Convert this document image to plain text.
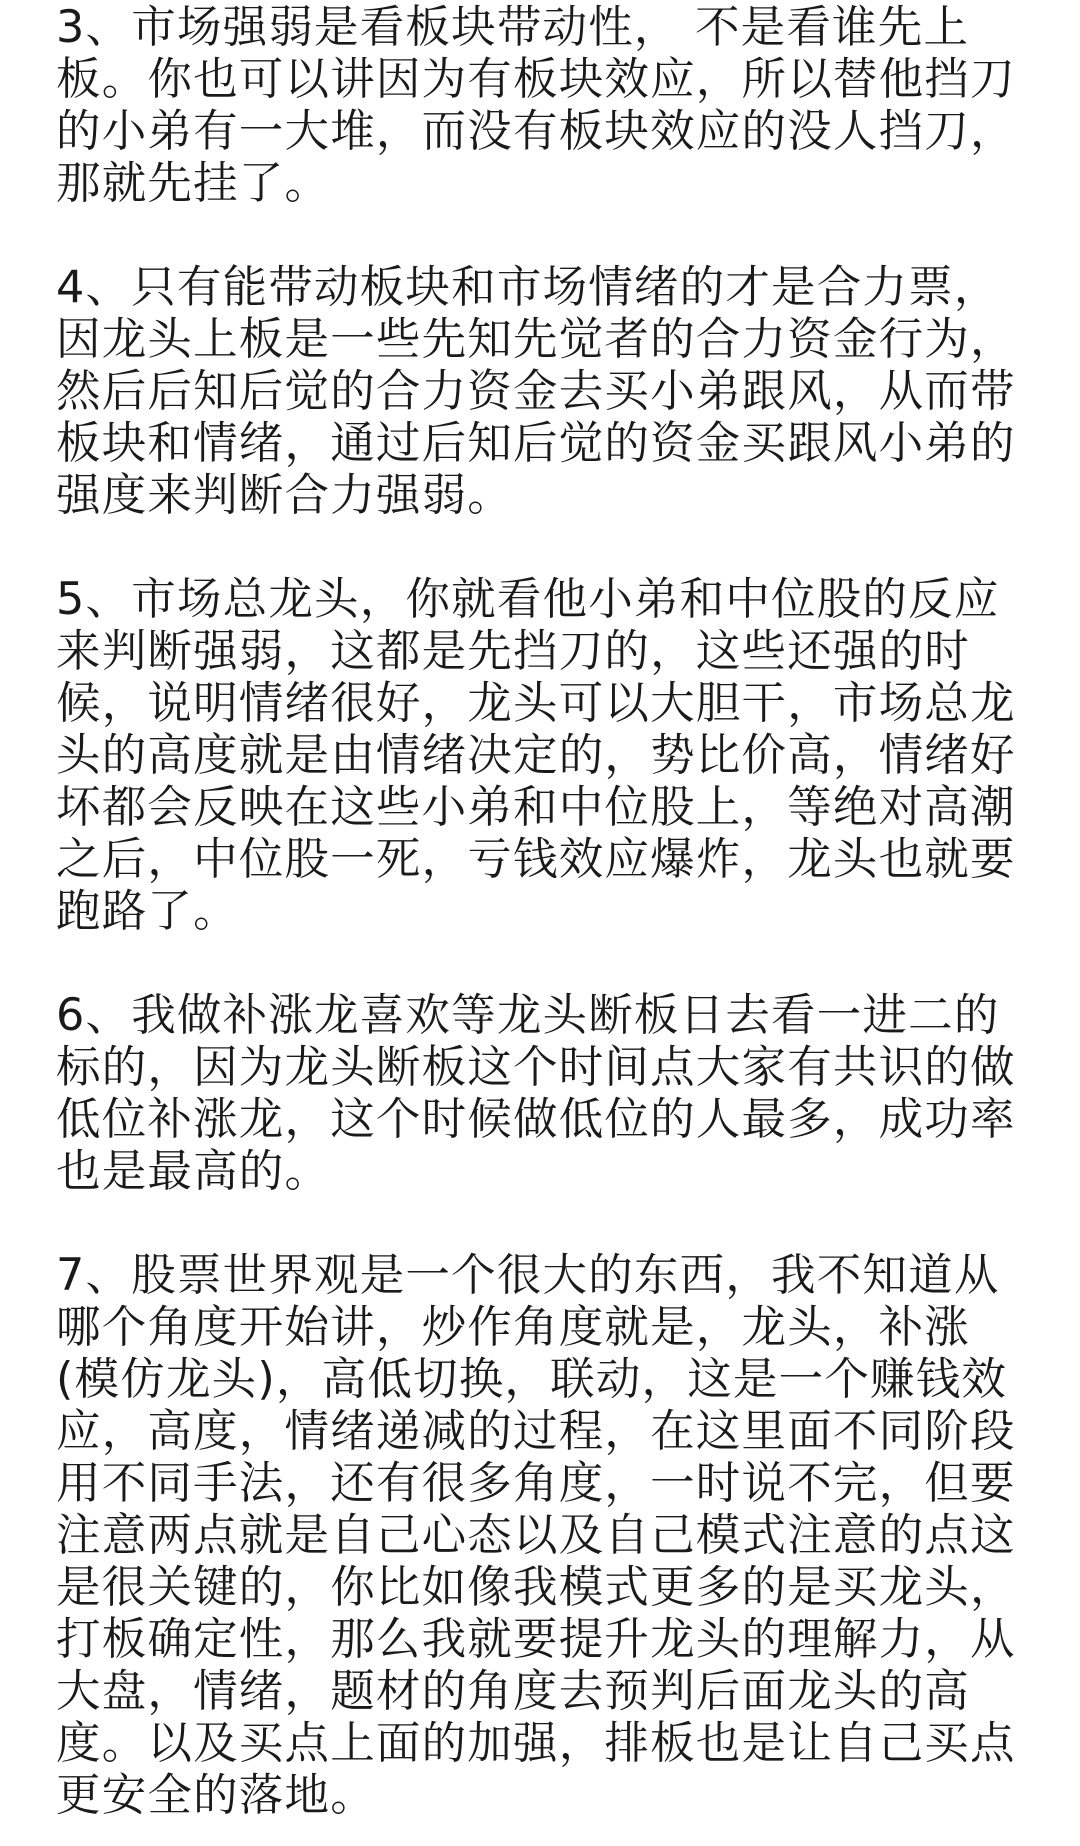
3、市场强弱是看板块带动性， 不是看谁先上板。你也可以讲因为有板块效应，所以替他挡刀的小弟有一大堆，而没有板块效应的没人挡刀，那就先挂了。

4、只有能带动板块和市场情绪的才是合力票，因龙头上板是一些先知先觉者的合力资金行为，然后后知后觉的合力资金去买小弟跟风，从而带板块和情绪，通过后知后觉的资金买跟风小弟的强度来判断合力强弱。

5、市场总龙头，你就看他小弟和中位股的反应来判断强弱，这都是先挡刀的，这些还强的时候，说明情绪很好，龙头可以大胆干，市场总龙头的高度就是由情绪决定的，势比价高，情绪好坏都会反映在这些小弟和中位股上，等绝对高潮之后，中位股一死，亏钱效应爆炸，龙头也就要跑路了。

6、我做补涨龙喜欢等龙头断板日去看一进二的标的，因为龙头断板这个时间点大家有共识的做低位补涨龙，这个时候做低位的人最多，成功率也是最高的。

7、股票世界观是一个很大的东西，我不知道从哪个角度开始讲，炒作角度就是，龙头，补涨(模仿龙头)，高低切换，联动，这是一个赚钱效应，高度，情绪递减的过程，在这里面不同阶段用不同手法，还有很多角度，一时说不完，但要注意两点就是自己心态以及自己模式注意的点这是很关键的，你比如像我模式更多的是买龙头，打板确定性，那么我就要提升龙头的理解力，从大盘，情绪，题材的角度去预判后面龙头的高度。以及买点上面的加强，排板也是让自己买点更安全的落地。
